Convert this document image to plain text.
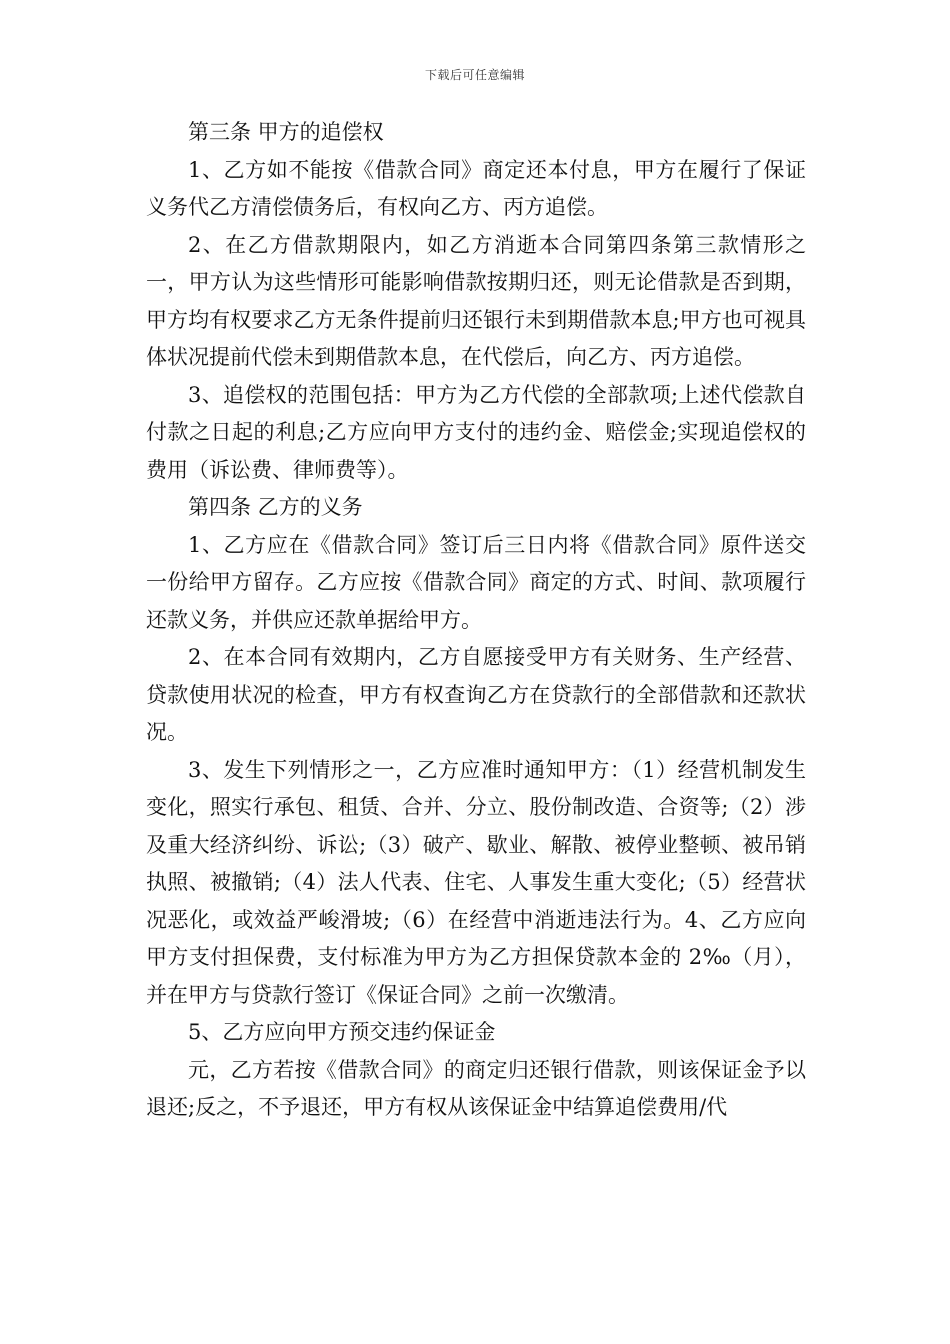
下载后可任意编辑

第三条 甲方的追偿权

1、乙方如不能按《借款合同》商定还本付息，甲方在履行了保证义务代乙方清偿债务后，有权向乙方、丙方追偿。

2、在乙方借款期限内，如乙方消逝本合同第四条第三款情形之一，甲方认为这些情形可能影响借款按期归还，则无论借款是否到期，甲方均有权要求乙方无条件提前归还银行未到期借款本息;甲方也可视具体状况提前代偿未到期借款本息，在代偿后，向乙方、丙方追偿。

3、追偿权的范围包括：甲方为乙方代偿的全部款项;上述代偿款自付款之日起的利息;乙方应向甲方支付的违约金、赔偿金;实现追偿权的费用（诉讼费、律师费等）。

第四条 乙方的义务

1、乙方应在《借款合同》签订后三日内将《借款合同》原件送交一份给甲方留存。乙方应按《借款合同》商定的方式、时间、款项履行还款义务，并供应还款单据给甲方。

2、在本合同有效期内，乙方自愿接受甲方有关财务、生产经营、贷款使用状况的检查，甲方有权查询乙方在贷款行的全部借款和还款状况。

3、发生下列情形之一，乙方应准时通知甲方：（1）经营机制发生变化，照实行承包、租赁、合并、分立、股份制改造、合资等;（2）涉及重大经济纠纷、诉讼;（3）破产、歇业、解散、被停业整顿、被吊销执照、被撤销;（4）法人代表、住宅、人事发生重大变化;（5）经营状况恶化，或效益严峻滑坡;（6）在经营中消逝违法行为。4、乙方应向甲方支付担保费，支付标准为甲方为乙方担保贷款本金的 2‰（月），并在甲方与贷款行签订《保证合同》之前一次缴清。

5、乙方应向甲方预交违约保证金

元，乙方若按《借款合同》的商定归还银行借款，则该保证金予以退还;反之，不予退还，甲方有权从该保证金中结算追偿费用/代
